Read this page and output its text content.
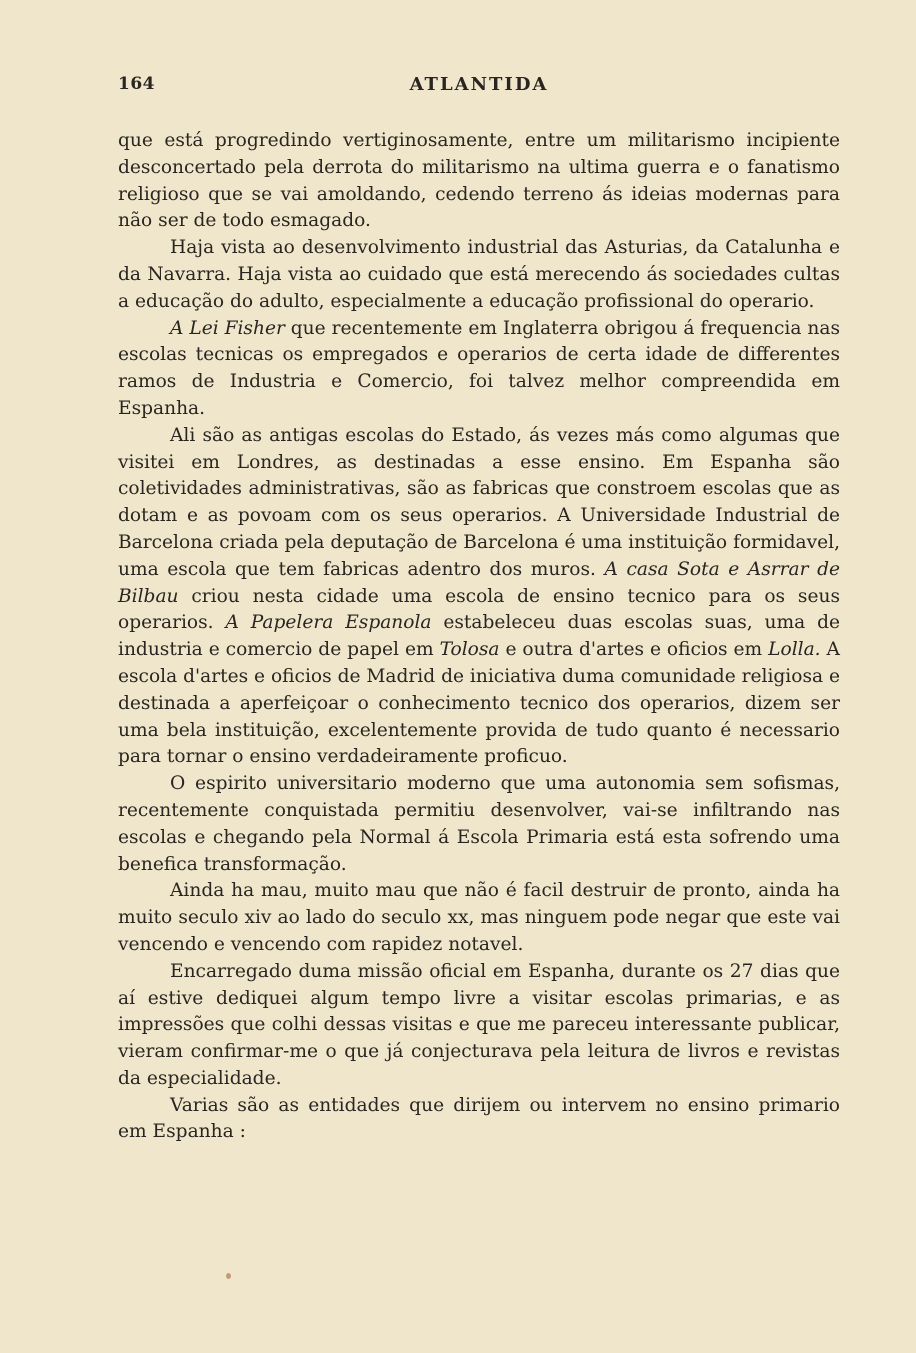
164	ATLANTIDA

que está progredindo vertiginosamente, entre um militarismo incipiente desconcertado pela derrota do militarismo na ultima guerra e o fanatismo religioso que se vai amoldando, cedendo terreno ás ideias modernas para não ser de todo esmagado.

Haja vista ao desenvolvimento industrial das Asturias, da Catalunha e da Navarra. Haja vista ao cuidado que está merecendo ás sociedades cultas a educação do adulto, especialmente a educação profissional do operario.

A Lei Fisher que recentemente em Inglaterra obrigou á frequencia nas escolas tecnicas os empregados e operarios de certa idade de differentes ramos de Industria e Comercio, foi talvez melhor compreendida em Espanha.

Ali são as antigas escolas do Estado, ás vezes más como algumas que visitei em Londres, as destinadas a esse ensino. Em Espanha são coletividades administrativas, são as fabricas que constroem escolas que as dotam e as povoam com os seus operarios. A Universidade Industrial de Barcelona criada pela deputação de Barcelona é uma instituição formidavel, uma escola que tem fabricas adentro dos muros. A casa Sota e Asrrar de Bilbau criou nesta cidade uma escola de ensino tecnico para os seus operarios. A Papelera Espanola estabeleceu duas escolas suas, uma de industria e comercio de papel em Tolosa e outra d'artes e oficios em Lolla. A escola d'artes e oficios de Madrid de iniciativa duma comunidade religiosa e destinada a aperfeiçoar o conhecimento tecnico dos operarios, dizem ser uma bela instituição, excelentemente provida de tudo quanto é necessario para tornar o ensino verdadeiramente proficuo.

O espirito universitario moderno que uma autonomia sem sofismas, recentemente conquistada permitiu desenvolver, vai-se infiltrando nas escolas e chegando pela Normal á Escola Primaria está esta sofrendo uma benefica transformação.

Ainda ha mau, muito mau que não é facil destruir de pronto, ainda ha muito seculo xiv ao lado do seculo xx, mas ninguem pode negar que este vai vencendo e vencendo com rapidez notavel.

Encarregado duma missão oficial em Espanha, durante os 27 dias que aí estive dediquei algum tempo livre a visitar escolas primarias, e as impressões que colhi dessas visitas e que me pareceu interessante publicar, vieram confirmar-me o que já conjecturava pela leitura de livros e revistas da especialidade.

Varias são as entidades que dirijem ou intervem no ensino primario em Espanha :
